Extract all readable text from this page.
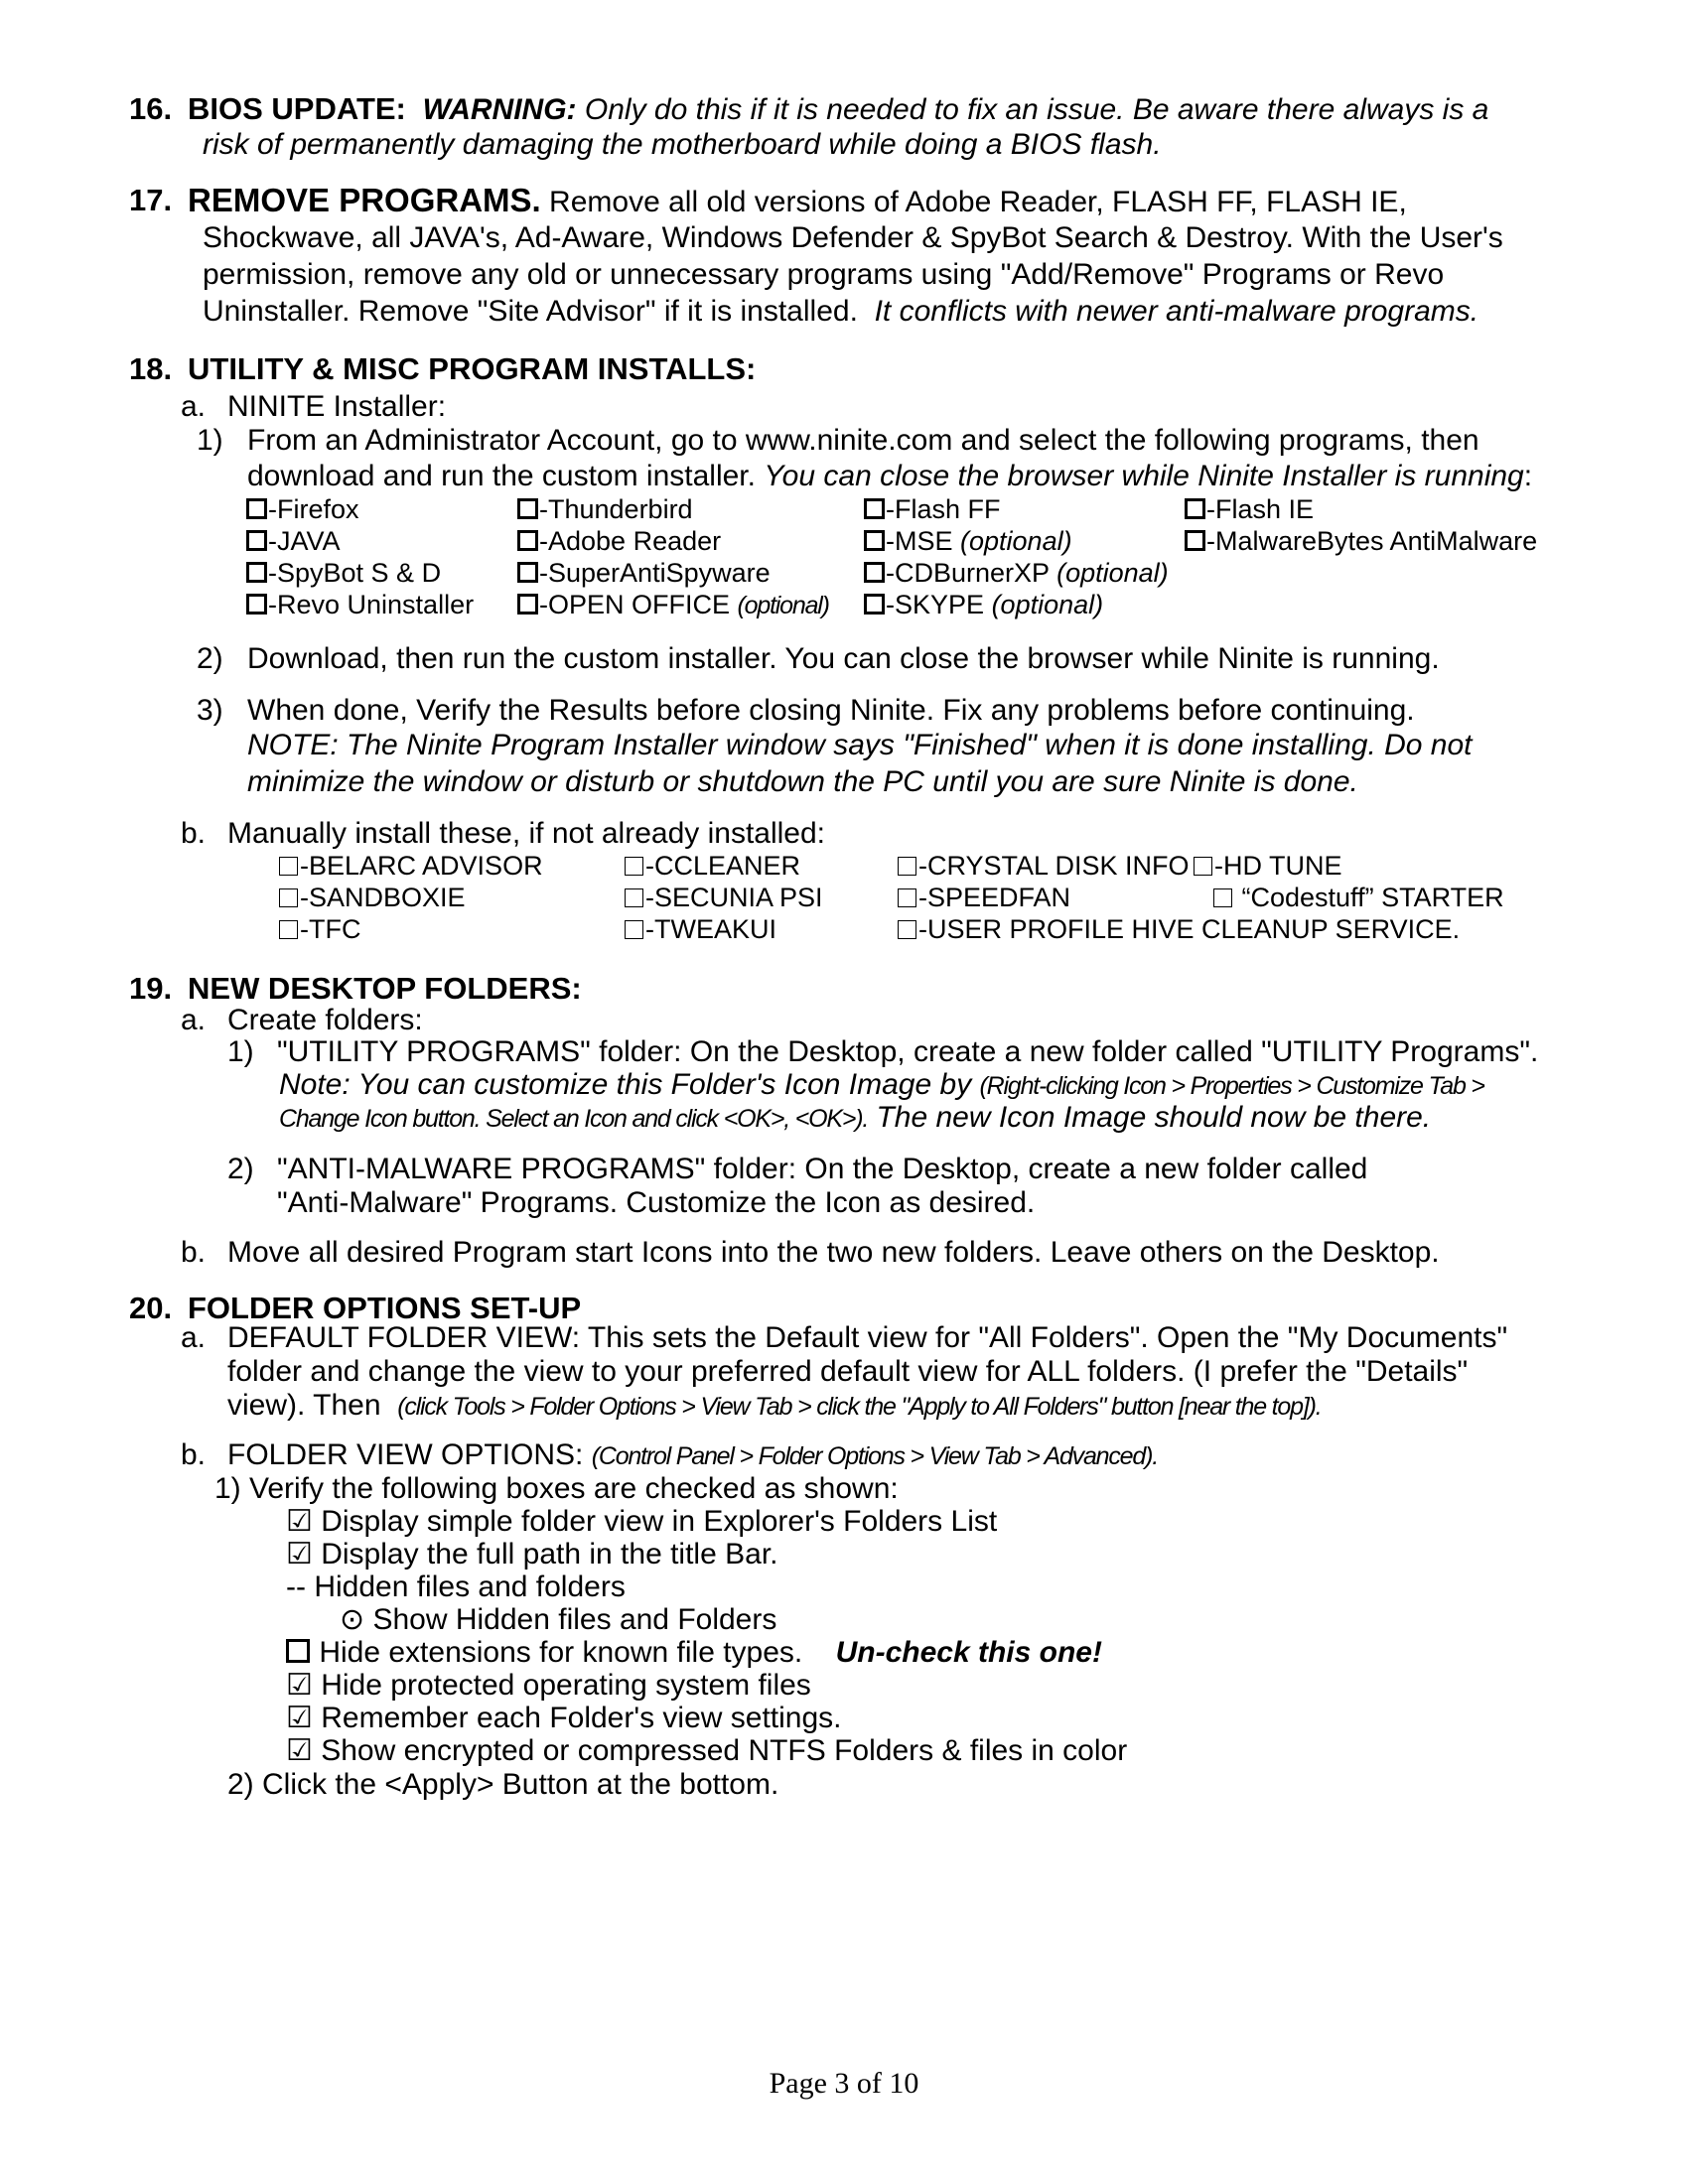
16. BIOS UPDATE: WARNING: Only do this if it is needed to fix an issue. Be aware there always is a
risk of permanently damaging the motherboard while doing a BIOS flash.
17. REMOVE PROGRAMS. Remove all old versions of Adobe Reader, FLASH FF, FLASH IE,
Shockwave, all JAVA's, Ad-Aware, Windows Defender & SpyBot Search & Destroy. With the User's
permission, remove any old or unnecessary programs using "Add/Remove" Programs or Revo
Uninstaller. Remove "Site Advisor" if it is installed. It conflicts with newer anti-malware programs.
18. UTILITY & MISC PROGRAM INSTALLS:
a. NINITE Installer:
1) From an Administrator Account, go to www.ninite.com and select the following programs, then
download and run the custom installer. You can close the browser while Ninite Installer is running:
-Firefox
-JAVA
-SpyBot S & D
-Revo Uninstaller
-Thunderbird
-Adobe Reader
-SuperAntiSpyware
-OPEN OFFICE (optional)
-Flash FF
-MSE (optional)
-CDBurnerXP (optional)
-SKYPE (optional)
-Flash IE
-MalwareBytes AntiMalware
2) Download, then run the custom installer. You can close the browser while Ninite is running.
3) When done, Verify the Results before closing Ninite. Fix any problems before continuing.
NOTE: The Ninite Program Installer window says "Finished" when it is done installing. Do not
minimize the window or disturb or shutdown the PC until you are sure Ninite is done.
b. Manually install these, if not already installed:
-BELARC ADVISOR
-SANDBOXIE
-TFC
-CCLEANER
-SECUNIA PSI
-TWEAKUI
-CRYSTAL DISK INFO
-SPEEDFAN
-USER PROFILE HIVE CLEANUP SERVICE.
-HD TUNE
“Codestuff” STARTER
19. NEW DESKTOP FOLDERS:
a. Create folders:
1) "UTILITY PROGRAMS" folder: On the Desktop, create a new folder called "UTILITY Programs".
Note: You can customize this Folder's Icon Image by (Right-clicking Icon > Properties > Customize Tab >
Change Icon button. Select an Icon and click <OK>, <OK>). The new Icon Image should now be there.
2) "ANTI-MALWARE PROGRAMS" folder: On the Desktop, create a new folder called
"Anti-Malware" Programs. Customize the Icon as desired.
b. Move all desired Program start Icons into the two new folders. Leave others on the Desktop.
20. FOLDER OPTIONS SET-UP
a. DEFAULT FOLDER VIEW: This sets the Default view for "All Folders". Open the "My Documents"
folder and change the view to your preferred default view for ALL folders. (I prefer the "Details"
view). Then (click Tools > Folder Options > View Tab > click the "Apply to All Folders" button [near the top]).
b. FOLDER VIEW OPTIONS: (Control Panel > Folder Options > View Tab > Advanced).
1) Verify the following boxes are checked as shown:
☑ Display simple folder view in Explorer's Folders List
☑ Display the full path in the title Bar.
-- Hidden files and folders
⊙ Show Hidden files and Folders
Hide extensions for known file types. Un-check this one!
☑ Hide protected operating system files
☑ Remember each Folder's view settings.
☑ Show encrypted or compressed NTFS Folders & files in color
2) Click the <Apply> Button at the bottom.
Page 3 of 10
